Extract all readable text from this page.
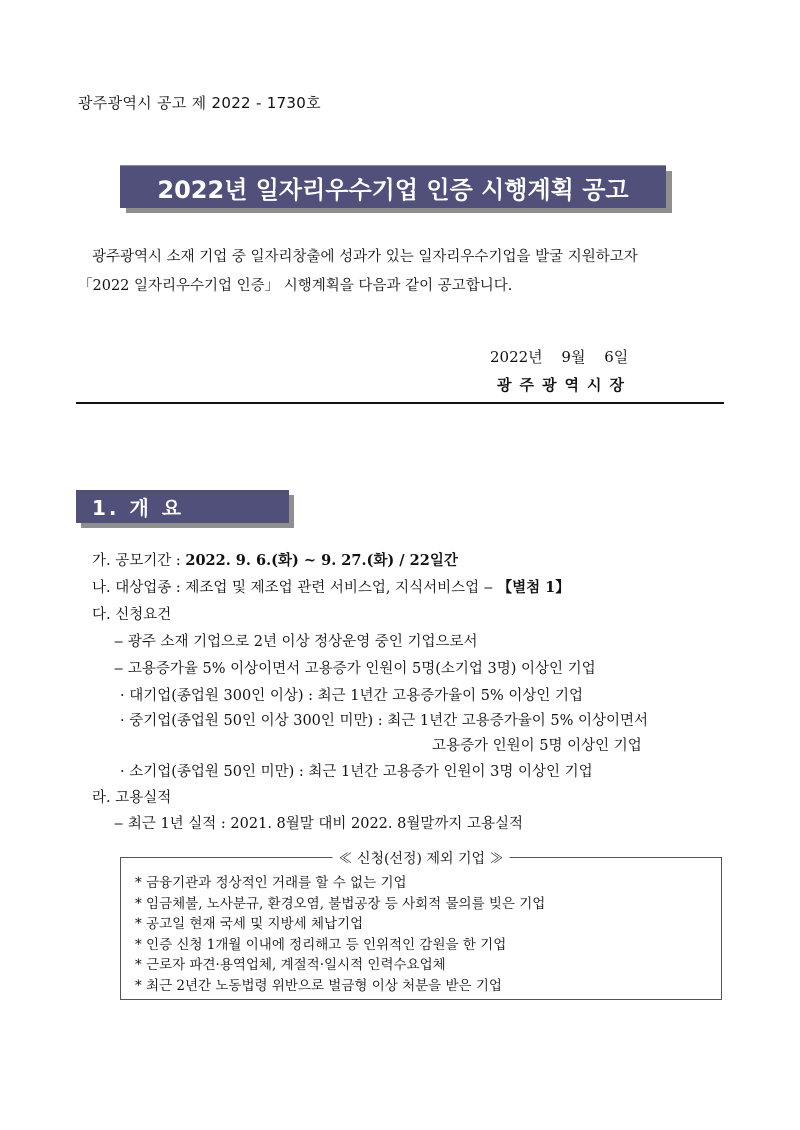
광주광역시 공고 제 2022 - 1730호
2022년 일자리우수기업 인증 시행계획 공고

광주광역시 소재 기업 중 일자리창출에 성과가 있는 일자리우수기업을 발굴 지원하고자

「2022 일자리우수기업 인증」 시행계획을 다음과 같이 공고합니다.

2022년 9월 6일
광주광역시장
1. 개 요
가. 공모기간 : 2022. 9. 6.(화) ~ 9. 27.(화) / 22일간
나. 대상업종 : 제조업 및 제조업 관련 서비스업, 지식서비스업 ‒ 【별첨 1】
다. 신청요건
‒ 광주 소재 기업으로 2년 이상 정상운영 중인 기업으로서
‒ 고용증가율 5% 이상이면서 고용증가 인원이 5명(소기업 3명) 이상인 기업
· 대기업(종업원 300인 이상) : 최근 1년간 고용증가율이 5% 이상인 기업
· 중기업(종업원 50인 이상 300인 미만) : 최근 1년간 고용증가율이 5% 이상이면서
고용증가 인원이 5명 이상인 기업
· 소기업(종업원 50인 미만) : 최근 1년간 고용증가 인원이 3명 이상인 기업
라. 고용실적
‒ 최근 1년 실적 : 2021. 8월말 대비 2022. 8월말까지 고용실적
≪ 신청(선정) 제외 기업 ≫
* 금융기관과 정상적인 거래를 할 수 없는 기업
* 임금체불, 노사분규, 환경오염, 불법공장 등 사회적 물의를 빚은 기업
* 공고일 현재 국세 및 지방세 체납기업
* 인증 신청 1개월 이내에 정리해고 등 인위적인 감원을 한 기업
* 근로자 파견·용역업체, 계절적·일시적 인력수요업체
* 최근 2년간 노동법령 위반으로 벌금형 이상 처분을 받은 기업
